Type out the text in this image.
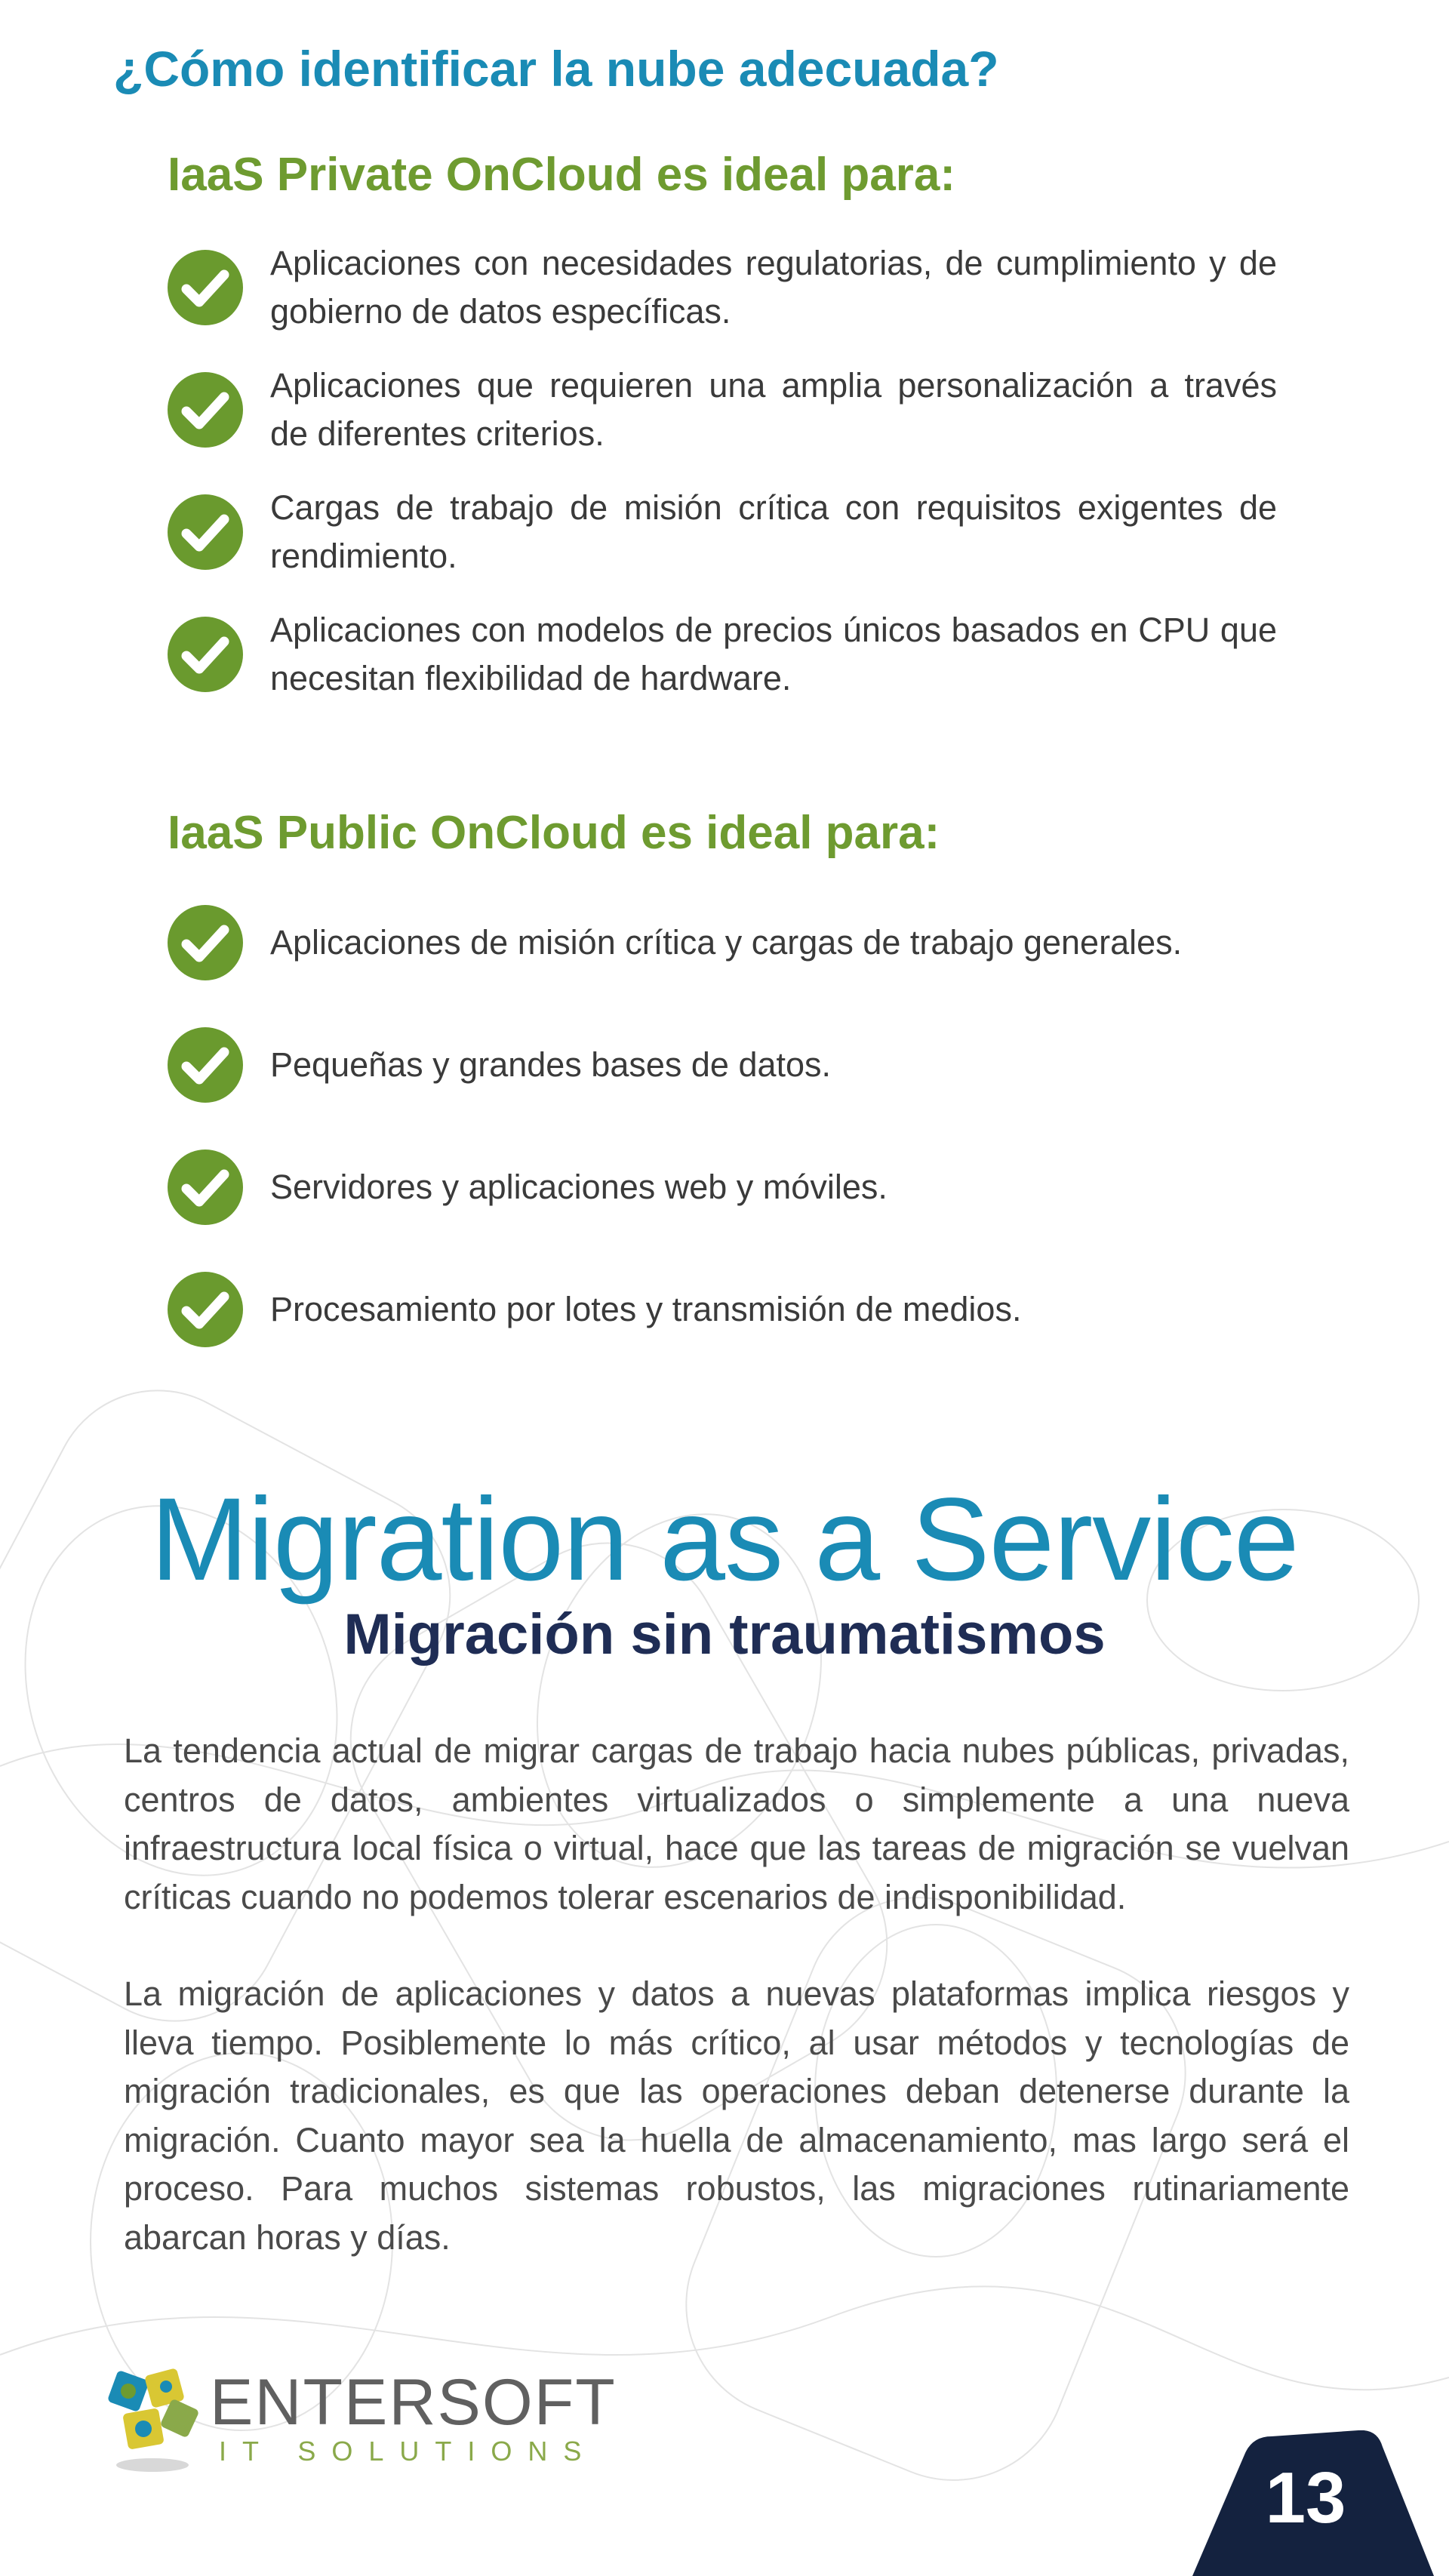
¿Cómo identificar la nube adecuada?
IaaS Private OnCloud es ideal para:
Aplicaciones con necesidades regulatorias, de cumplimiento y de gobierno de datos específicas.
Aplicaciones que requieren una amplia personalización a través de diferentes criterios.
Cargas de trabajo de misión crítica con requisitos exigentes de rendimiento.
Aplicaciones con modelos de precios únicos basados en CPU que necesitan flexibilidad de hardware.
IaaS Public OnCloud es ideal para:
Aplicaciones de misión crítica y cargas de trabajo generales.
Pequeñas y grandes bases de datos.
Servidores y aplicaciones web y móviles.
Procesamiento por lotes y transmisión de medios.
Migration as a Service
Migración sin traumatismos

La tendencia actual de migrar cargas de trabajo hacia nubes públicas, privadas, centros de datos, ambientes virtualizados o simplemente a una nueva infraestructura local física o virtual, hace que las tareas de migración se vuelvan críticas cuando no podemos tolerar escenarios de indisponibilidad.

La migración de aplicaciones y datos a nuevas plataformas implica riesgos y lleva tiempo. Posiblemente lo más crítico, al usar métodos y tecnologías de migración tradicionales, es que las operaciones deban detenerse durante la migración. Cuanto mayor sea la huella de almacenamiento, mas largo será el proceso. Para muchos sistemas robustos, las migraciones rutinariamente abarcan horas y días.

ENTERSOFT
IT SOLUTIONS
13
